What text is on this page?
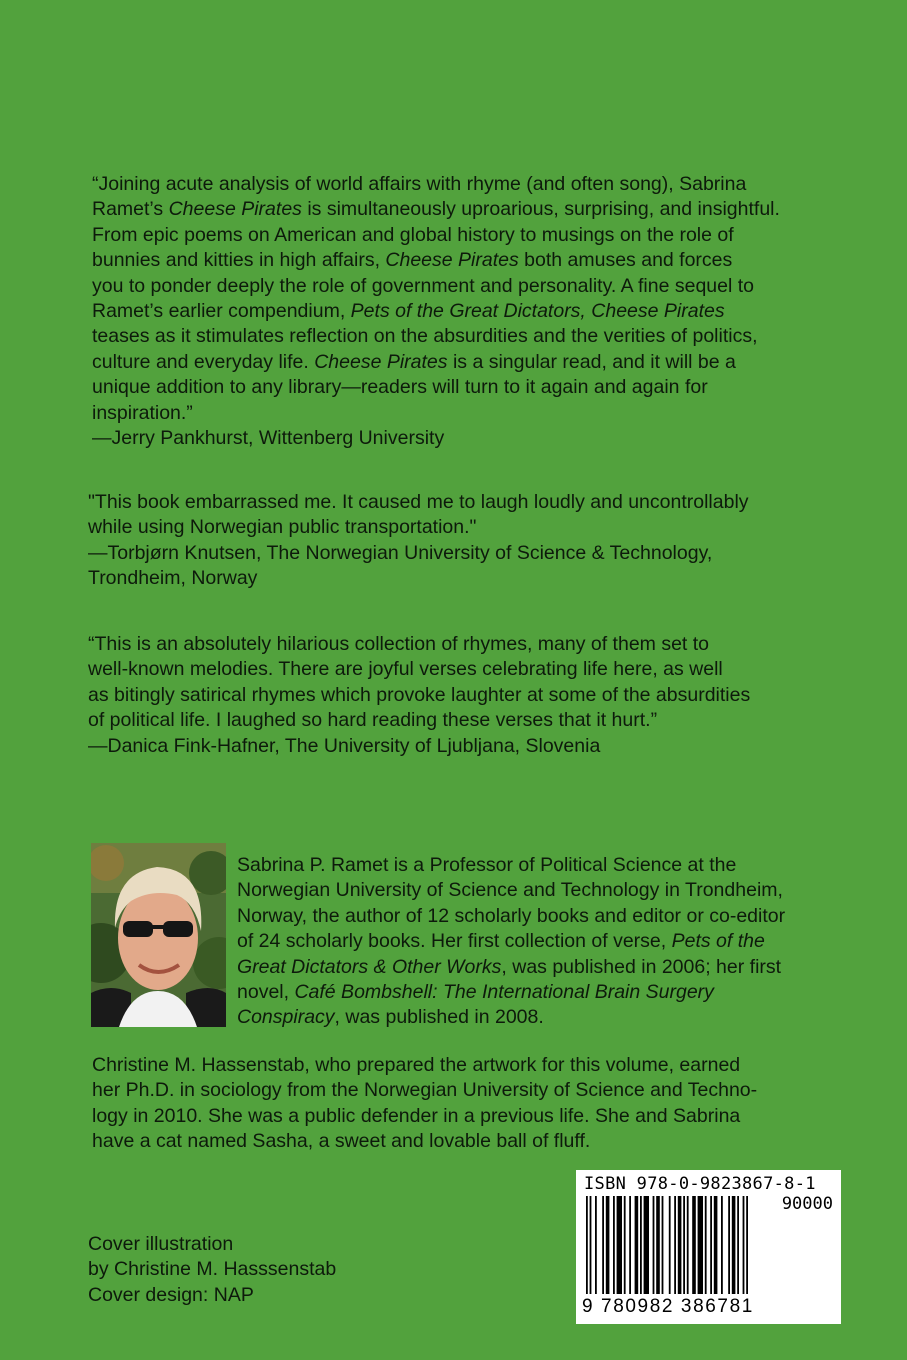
“Joining acute analysis of world affairs with rhyme (and often song), Sabrina
Ramet’s Cheese Pirates is simultaneously uproarious, surprising, and insightful.
From epic poems on American and global history to musings on the role of
bunnies and kitties in high affairs, Cheese Pirates both amuses and forces
you to ponder deeply the role of government and personality. A fine sequel to
Ramet’s earlier compendium, Pets of the Great Dictators, Cheese Pirates
teases as it stimulates reflection on the absurdities and the verities of politics,
culture and everyday life. Cheese Pirates is a singular read, and it will be a
unique addition to any library—readers will turn to it again and again for
inspiration.”
—Jerry Pankhurst, Wittenberg University
"This book embarrassed me. It caused me to laugh loudly and uncontrollably
while using Norwegian public transportation."
—Torbjørn Knutsen, The Norwegian University of Science & Technology,
Trondheim, Norway
“This is an absolutely hilarious collection of rhymes, many of them set to
well-known melodies. There are joyful verses celebrating life here, as well
as bitingly satirical rhymes which provoke laughter at some of the absurdities
of political life. I laughed so hard reading these verses that it hurt.”
—Danica Fink-Hafner, The University of Ljubljana, Slovenia
Sabrina P. Ramet is a Professor of Political Science at the
Norwegian University of Science and Technology in Trondheim,
Norway, the author of 12 scholarly books and editor or co-editor
of 24 scholarly books. Her first collection of verse, Pets of the
Great Dictators & Other Works, was published in 2006; her first
novel, Café Bombshell: The International Brain Surgery
Conspiracy, was published in 2008.
Christine M. Hassenstab, who prepared the artwork for this volume, earned
her Ph.D. in sociology from the Norwegian University of Science and Techno-
logy in 2010. She was a public defender in a previous life. She and Sabrina
have a cat named Sasha, a sweet and lovable ball of fluff.
Cover illustration
by Christine M. Hasssenstab
Cover design: NAP
ISBN 978-0-9823867-8-1
90000
9 780982 386781
